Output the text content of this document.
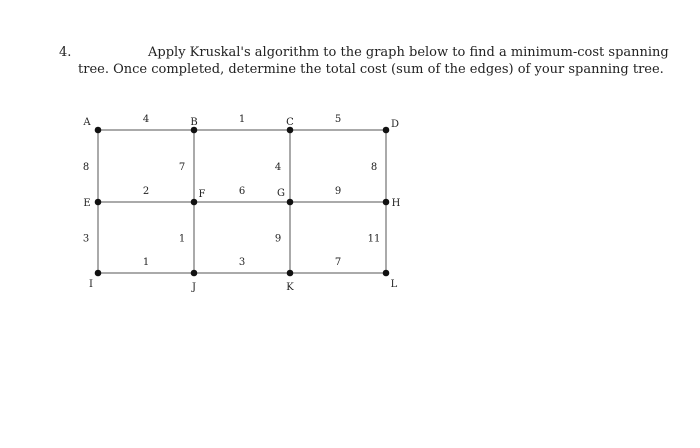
4.	Apply Kruskal's algorithm to the graph below to find a minimum-cost spanning
tree. Once completed, determine the total cost (sum of the edges) of your spanning tree.
4	1	5
8	7	4	8
2	6	9
3	1	9	11
1	3	7
A	B	C	D
E
F	G
H
I	J	K	L
